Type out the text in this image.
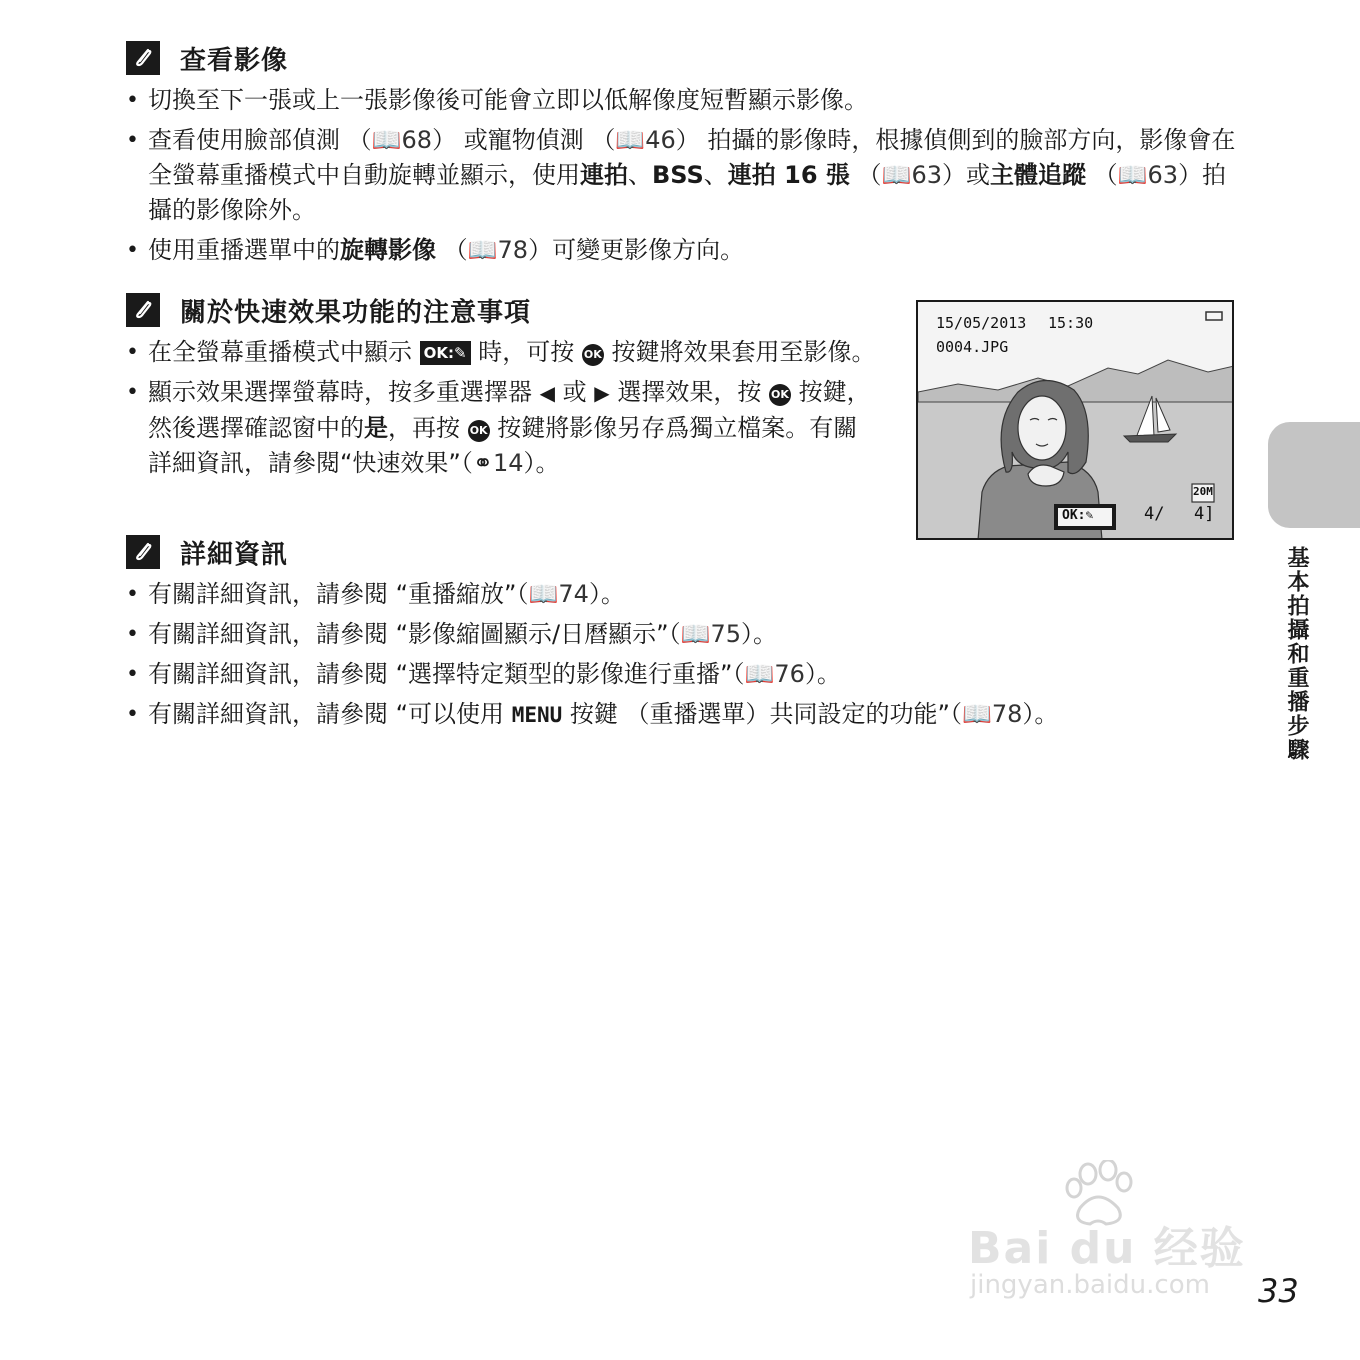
查看影像
• 切換至下一張或上一張影像後可能會立即以低解像度短暫顯示影像。
• 查看使用臉部偵測 （📖68） 或寵物偵測 （📖46） 拍攝的影像時，根據偵側到的臉部方向，影像會在全螢幕重播模式中自動旋轉並顯示，使用連拍、BSS、連拍 16 張 （📖63）或主體追蹤 （📖63）拍攝的影像除外。
• 使用重播選單中的旋轉影像 （📖78）可變更影像方向。
關於快速效果功能的注意事項
• 在全螢幕重播模式中顯示 OK:✎ 時，可按 OK 按鍵將效果套用至影像。
• 顯示效果選擇螢幕時，按多重選擇器 ◀ 或 ▶ 選擇效果，按 OK 按鍵，然後選擇確認窗中的是，再按 OK 按鍵將影像另存爲獨立檔案。有關詳細資訊，請參閱“快速效果”（⚭14）。
15/05/2013 15:30
0004.JPG
OK:✎	4/ 4]
20M
詳細資訊
• 有關詳細資訊，請參閱 “重播縮放”（📖74）。
• 有關詳細資訊，請參閱 “影像縮圖顯示/日曆顯示”（📖75）。
• 有關詳細資訊，請參閱 “選擇特定類型的影像進行重播”（📖76）。
• 有關詳細資訊，請參閱 “可以使用 MENU 按鍵 （重播選單）共同設定的功能”（📖78）。	基本拍攝和重播步驟
Bai du 经验
jingyan.baidu.com 33
